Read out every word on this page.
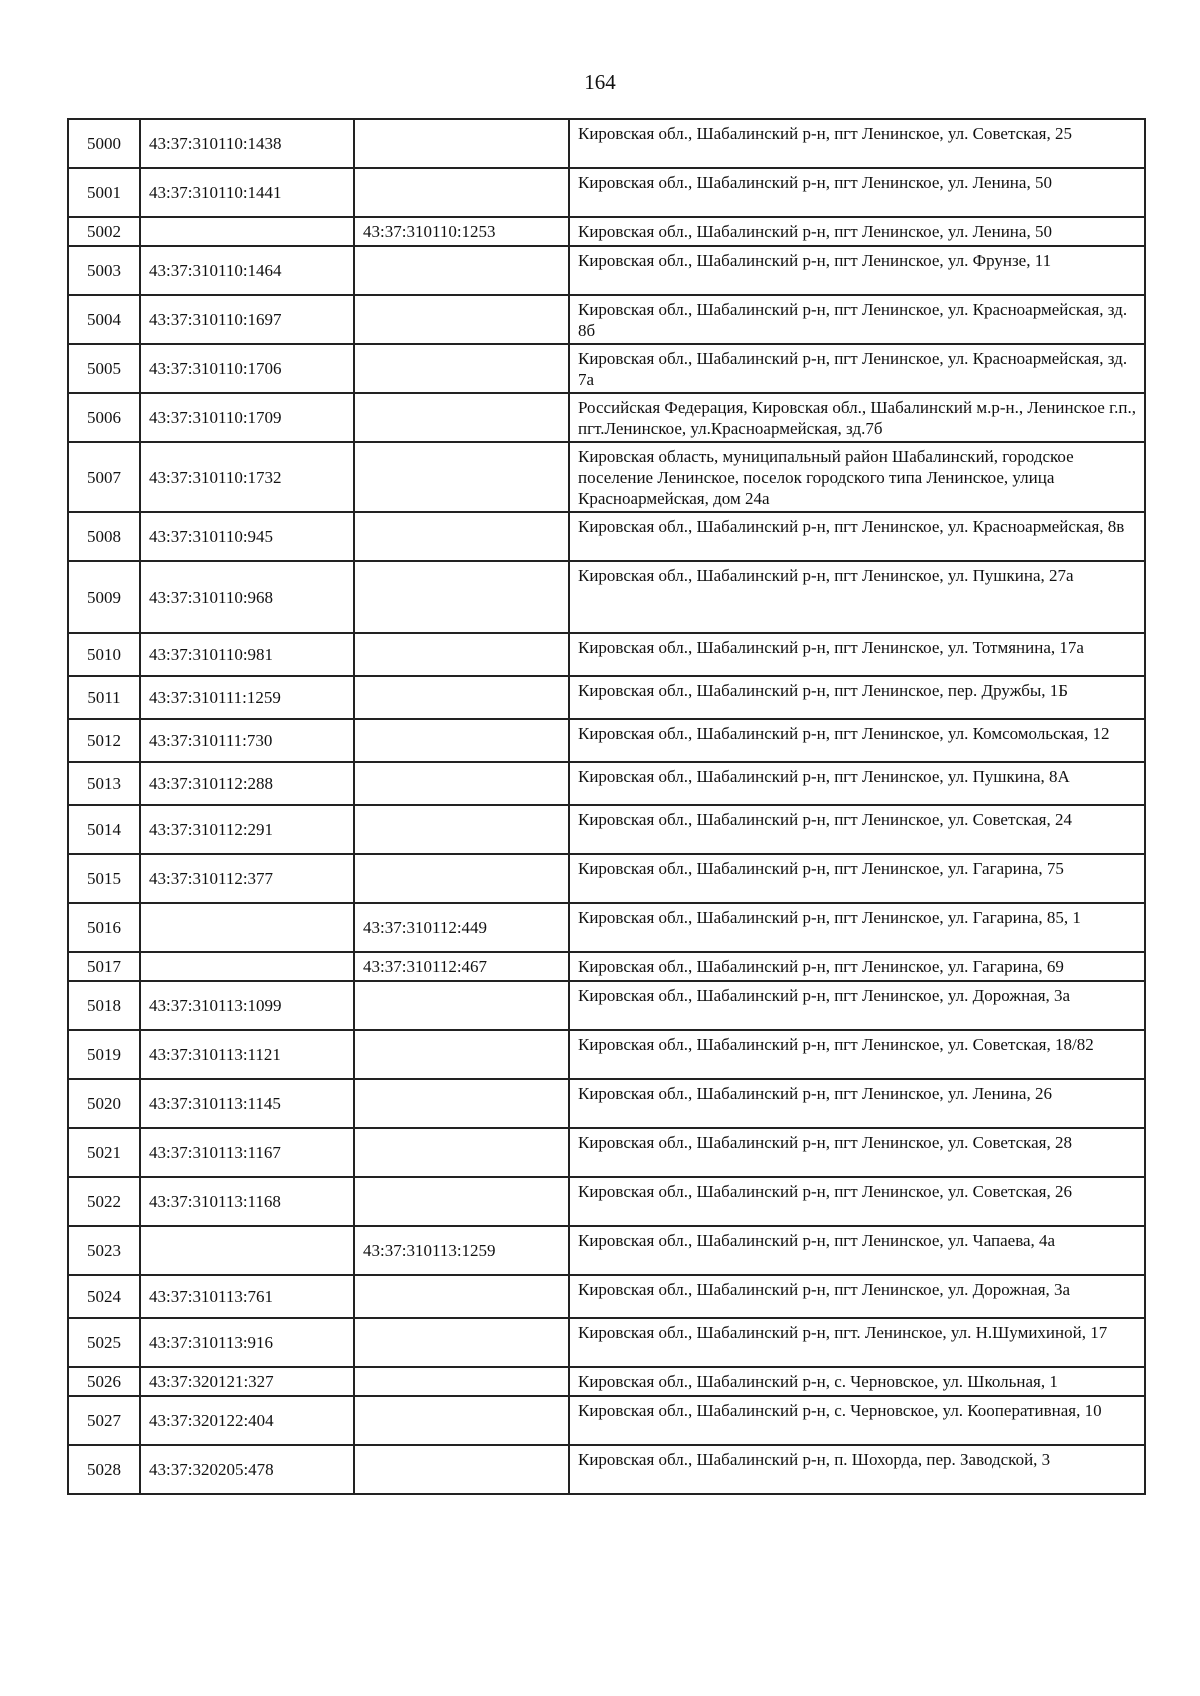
164
5000	43:37:310110:1438		Кировская обл., Шабалинский р-н, пгт Ленинское, ул. Советская, 25
5001	43:37:310110:1441		Кировская обл., Шабалинский р-н, пгт Ленинское, ул. Ленина, 50
5002		43:37:310110:1253	Кировская обл., Шабалинский р-н, пгт Ленинское, ул. Ленина, 50
5003	43:37:310110:1464		Кировская обл., Шабалинский р-н, пгт Ленинское, ул. Фрунзе, 11
5004	43:37:310110:1697		Кировская обл., Шабалинский р-н, пгт Ленинское, ул. Красноармейская, зд. 8б
5005	43:37:310110:1706		Кировская обл., Шабалинский р-н, пгт Ленинское, ул. Красноармейская, зд. 7а
5006	43:37:310110:1709		Российская Федерация, Кировская обл., Шабалинский м.р-н., Ленинское г.п., пгт.Ленинское, ул.Красноармейская, зд.7б
5007	43:37:310110:1732		Кировская область, муниципальный район Шабалинский, городское поселение Ленинское, поселок городского типа Ленинское, улица Красноармейская, дом 24а
5008	43:37:310110:945		Кировская обл., Шабалинский р-н, пгт Ленинское, ул. Красноармейская, 8в
5009	43:37:310110:968		Кировская обл., Шабалинский р-н, пгт Ленинское, ул. Пушкина, 27а
5010	43:37:310110:981		Кировская обл., Шабалинский р-н, пгт Ленинское, ул. Тотмянина, 17а
5011	43:37:310111:1259		Кировская обл., Шабалинский р-н, пгт Ленинское, пер. Дружбы, 1Б
5012	43:37:310111:730		Кировская обл., Шабалинский р-н, пгт Ленинское, ул. Комсомольская, 12
5013	43:37:310112:288		Кировская обл., Шабалинский р-н, пгт Ленинское, ул. Пушкина, 8А
5014	43:37:310112:291		Кировская обл., Шабалинский р-н, пгт Ленинское, ул. Советская, 24
5015	43:37:310112:377		Кировская обл., Шабалинский р-н, пгт Ленинское, ул. Гагарина, 75
5016		43:37:310112:449	Кировская обл., Шабалинский р-н, пгт Ленинское, ул. Гагарина, 85, 1
5017		43:37:310112:467	Кировская обл., Шабалинский р-н, пгт Ленинское, ул. Гагарина, 69
5018	43:37:310113:1099		Кировская обл., Шабалинский р-н, пгт Ленинское, ул. Дорожная, 3а
5019	43:37:310113:1121		Кировская обл., Шабалинский р-н, пгт Ленинское, ул. Советская, 18/82
5020	43:37:310113:1145		Кировская обл., Шабалинский р-н, пгт Ленинское, ул. Ленина, 26
5021	43:37:310113:1167		Кировская обл., Шабалинский р-н, пгт Ленинское, ул. Советская, 28
5022	43:37:310113:1168		Кировская обл., Шабалинский р-н, пгт Ленинское, ул. Советская, 26
5023		43:37:310113:1259	Кировская обл., Шабалинский р-н, пгт Ленинское, ул. Чапаева, 4а
5024	43:37:310113:761		Кировская обл., Шабалинский р-н, пгт Ленинское, ул. Дорожная, 3а
5025	43:37:310113:916		Кировская обл., Шабалинский р-н, пгт. Ленинское, ул. Н.Шумихиной, 17
5026	43:37:320121:327		Кировская обл., Шабалинский р-н, с. Черновское, ул. Школьная, 1
5027	43:37:320122:404		Кировская обл., Шабалинский р-н, с. Черновское, ул. Кооперативная, 10
5028	43:37:320205:478		Кировская обл., Шабалинский р-н, п. Шохорда, пер. Заводской, 3
